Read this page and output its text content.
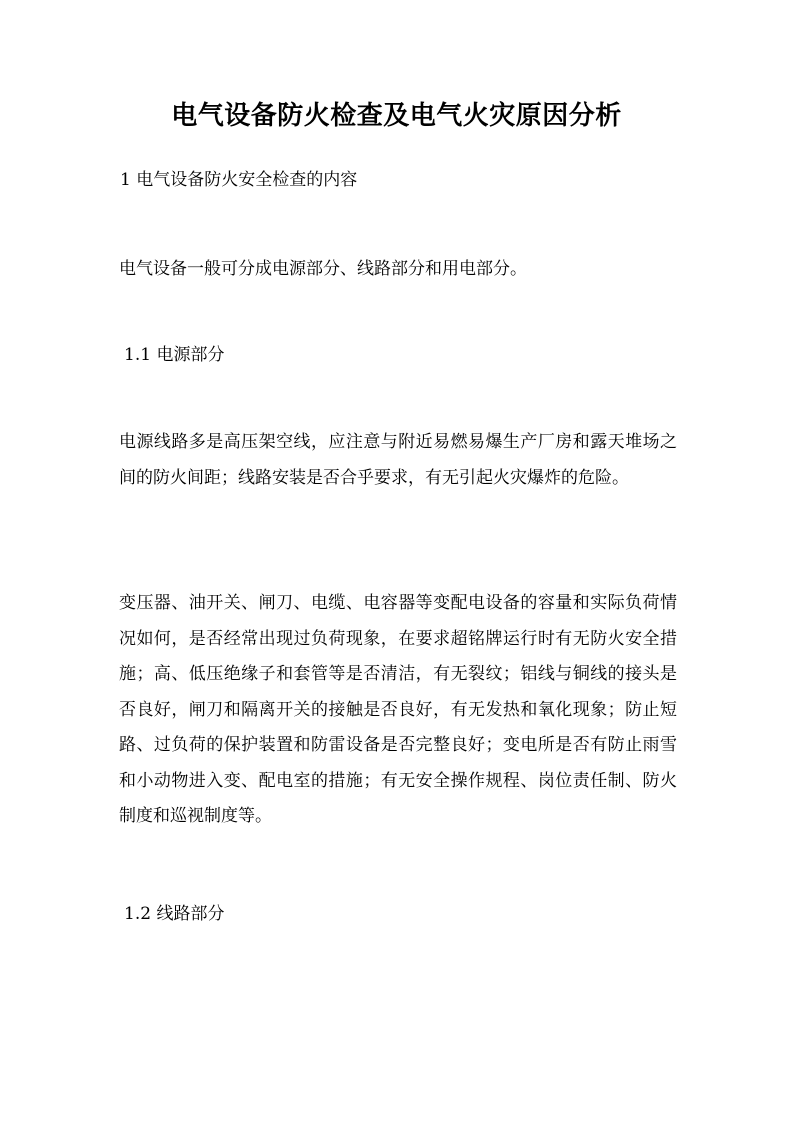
电气设备防火检查及电气火灾原因分析
1 电气设备防火安全检查的内容
电气设备一般可分成电源部分、线路部分和用电部分。
1.1 电源部分
电源线路多是高压架空线，应注意与附近易燃易爆生产厂房和露天堆场之间的防火间距；线路安装是否合乎要求，有无引起火灾爆炸的危险。
变压器、油开关、闸刀、电缆、电容器等变配电设备的容量和实际负荷情况如何，是否经常出现过负荷现象，在要求超铭牌运行时有无防火安全措施；高、低压绝缘子和套管等是否清洁，有无裂纹；铝线与铜线的接头是否良好，闸刀和隔离开关的接触是否良好，有无发热和氧化现象；防止短路、过负荷的保护装置和防雷设备是否完整良好；变电所是否有防止雨雪和小动物进入变、配电室的措施；有无安全操作规程、岗位责任制、防火制度和巡视制度等。
1.2 线路部分
